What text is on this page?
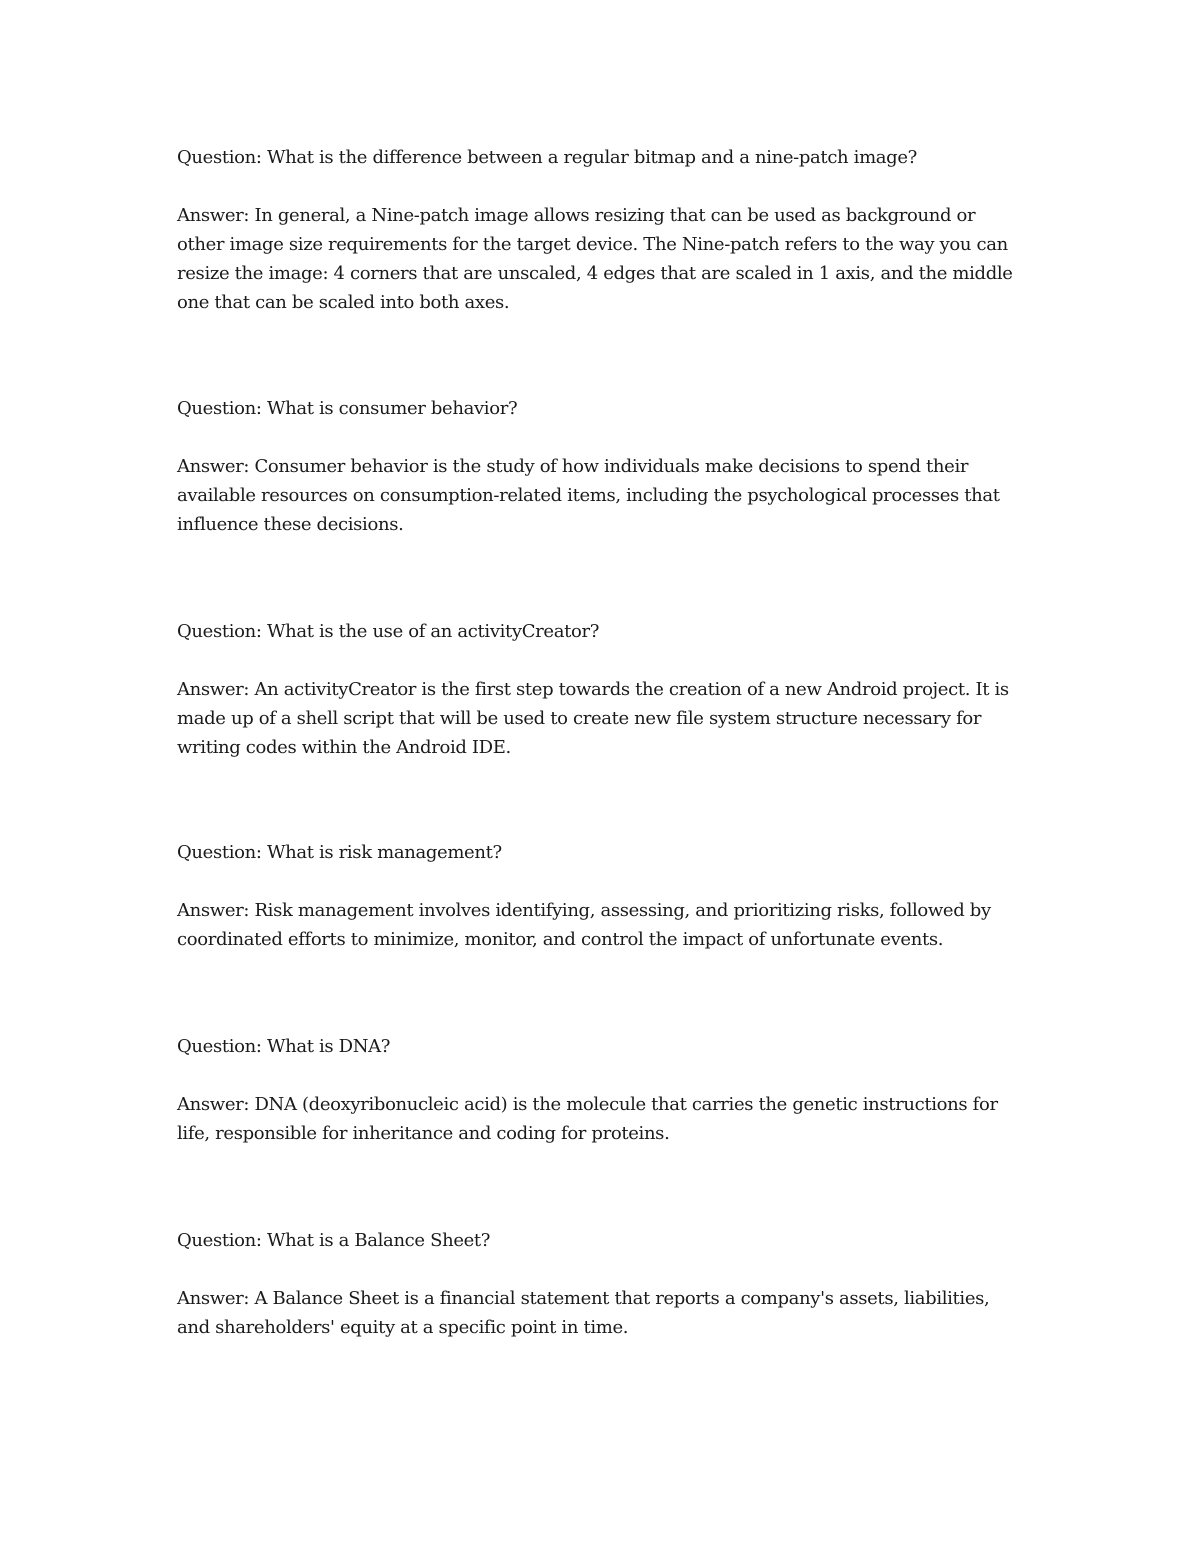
Question: What is the difference between a regular bitmap and a nine-patch image?

Answer: In general, a Nine-patch image allows resizing that can be used as background or other image size requirements for the target device. The Nine-patch refers to the way you can resize the image: 4 corners that are unscaled, 4 edges that are scaled in 1 axis, and the middle one that can be scaled into both axes.

Question: What is consumer behavior?

Answer: Consumer behavior is the study of how individuals make decisions to spend their available resources on consumption-related items, including the psychological processes that influence these decisions.

Question: What is the use of an activityCreator?

Answer: An activityCreator is the first step towards the creation of a new Android project. It is made up of a shell script that will be used to create new file system structure necessary for writing codes within the Android IDE.

Question: What is risk management?

Answer: Risk management involves identifying, assessing, and prioritizing risks, followed by coordinated efforts to minimize, monitor, and control the impact of unfortunate events.

Question: What is DNA?

Answer: DNA (deoxyribonucleic acid) is the molecule that carries the genetic instructions for life, responsible for inheritance and coding for proteins.

Question: What is a Balance Sheet?

Answer: A Balance Sheet is a financial statement that reports a company's assets, liabilities, and shareholders' equity at a specific point in time.
